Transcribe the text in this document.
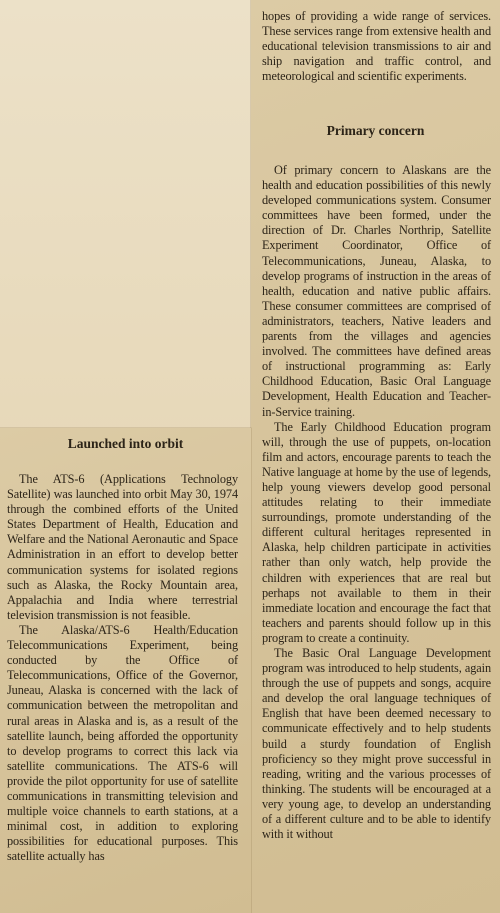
hopes of providing a wide range of services. These services range from extensive health and educational television transmissions to air and ship navigation and traffic control, and meteorological and scientific experiments.

Primary concern

Of primary concern to Alaskans are the health and education possibilities of this newly developed communications system. Consumer committees have been formed, under the direction of Dr. Charles Northrip, Satellite Experiment Coordinator, Office of Telecommunications, Juneau, Alaska, to develop programs of instruction in the areas of health, education and native public affairs. These consumer committees are comprised of administrators, teachers, Native leaders and parents from the villages and agencies involved. The committees have defined areas of instructional programming as: Early Childhood Education, Basic Oral Language Development, Health Education and Teacher-in-Service training.

The Early Childhood Education program will, through the use of puppets, on-location film and actors, encourage parents to teach the Native language at home by the use of legends, help young viewers develop good personal attitudes relating to their immediate surroundings, promote understanding of the different cultural heritages represented in Alaska, help children participate in activities rather than only watch, help provide the children with experiences that are real but perhaps not available to them in their immediate location and encourage the fact that teachers and parents should follow up in this program to create a continuity.

The Basic Oral Language Development program was introduced to help students, again through the use of puppets and songs, acquire and develop the oral language techniques of English that have been deemed necessary to communicate effectively and to help students build a sturdy foundation of English proficiency so they might prove successful in reading, writing and the various processes of thinking. The students will be encouraged at a very young age, to develop an understanding of a different culture and to be able to identify with it without

Launched into orbit

The ATS-6 (Applications Technology Satellite) was launched into orbit May 30, 1974 through the combined efforts of the United States Department of Health, Education and Welfare and the National Aeronautic and Space Administration in an effort to develop better communication systems for isolated regions such as Alaska, the Rocky Mountain area, Appalachia and India where terrestrial television transmission is not feasible.

The Alaska/ATS-6 Health/Education Telecommunications Experiment, being conducted by the Office of Telecommunications, Office of the Governor, Juneau, Alaska is concerned with the lack of communication between the metropolitan and rural areas in Alaska and is, as a result of the satellite launch, being afforded the opportunity to develop programs to correct this lack via satellite communications. The ATS-6 will provide the pilot opportunity for use of satellite communications in transmitting television and multiple voice channels to earth stations, at a minimal cost, in addition to exploring possibilities for educational purposes. This satellite actually has
